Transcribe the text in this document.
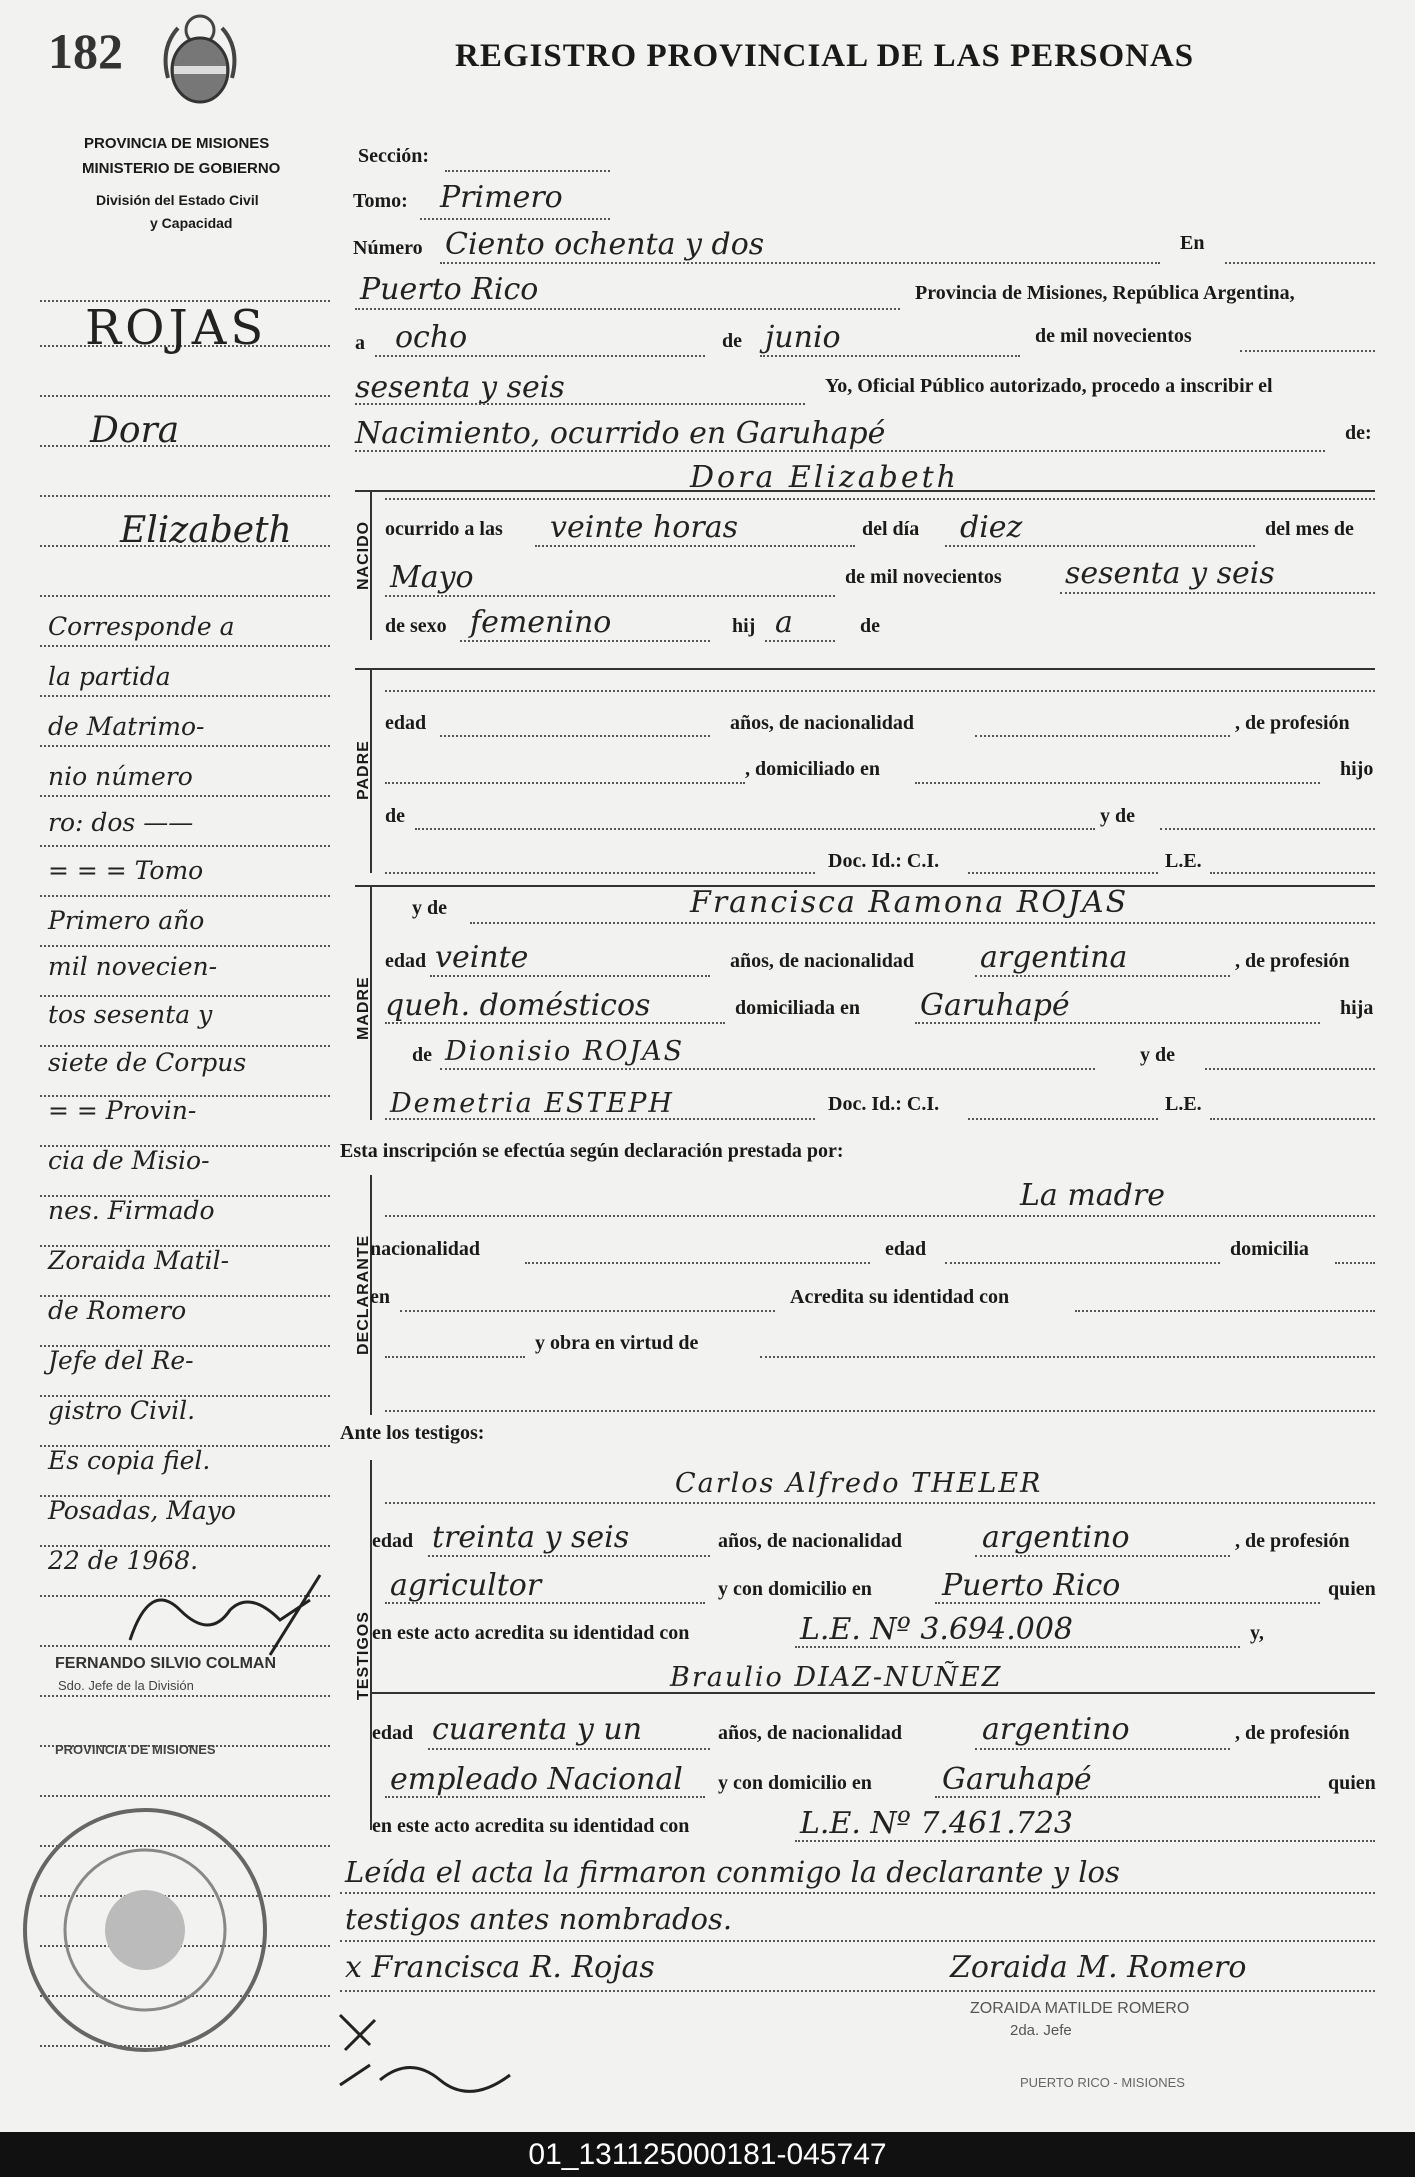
182	REGISTRO PROVINCIAL DE LAS PERSONAS
PROVINCIA DE MISIONES
MINISTERIO DE GOBIERNO
División del Estado Civil
y Capacidad
ROJAS
Dora
Elizabeth
Corresponde a
la partida
de Matrimo-
nio número
ro: dos ——
= = = Tomo
Primero año
mil novecien-
tos sesenta y
siete de Corpus
= = Provin-
cia de Misio-
nes. Firmado
Zoraida Matil-
de Romero
Jefe del Re-
gistro Civil.
Es copia fiel.
Posadas, Mayo
22 de 1968.
FERNANDO SILVIO COLMAN
Sdo. Jefe de la División
PROVINCIA DE MISIONES
Sección:
Tomo: Primero
Número Ciento ochenta y dos	En
Puerto Rico	Provincia de Misiones, República Argentina,
a ocho	de junio	de mil novecientos
sesenta y seis	Yo, Oficial Público autorizado, procedo a inscribir el
Nacimiento, ocurrido en Garuhapé	de:
NACIDO
Dora Elizabeth
ocurrido a las veinte horas	del día diez	del mes de
Mayo	de mil novecientos sesenta y seis
de sexo femenino	hij a	de
PADRE
edad	años, de nacionalidad	, de profesión
, domiciliado en	hijo
de	y de
Doc. Id.: C.I.	L.E.
MADRE
y de	Francisca Ramona ROJAS
edad veinte	años, de nacionalidad argentina	, de profesión
queh. domésticos	domiciliada en Garuhapé	hija
de Dionisio ROJAS	y de
Demetria ESTEPH	Doc. Id.: C.I.	L.E.
Esta inscripción se efectúa según declaración prestada por:
DECLARANTE
La madre
nacionalidad	edad	domicilia
en	Acredita su identidad con
y obra en virtud de
Ante los testigos:
TESTIGOS
Carlos Alfredo THELER
edad treinta y seis	años, de nacionalidad	argentino	, de profesión
agricultor	y con domicilio en Puerto Rico	quien
en este acto acredita su identidad con	L.E. Nº 3.694.008	y,
Braulio DIAZ-NUÑEZ
edad cuarenta y un	años, de nacionalidad	argentino	, de profesión
empleado Nacional y con domicilio en Garuhapé	quien
en este acto acredita su identidad con	L.E. Nº 7.461.723
Leída el acta la firmaron conmigo la declarante y los
testigos antes nombrados.
x Francisca R. Rojas	Zoraida M. Romero
ZORAIDA MATILDE ROMERO
2da. Jefe
PUERTO RICO - MISIONES
01_131125000181-045747
